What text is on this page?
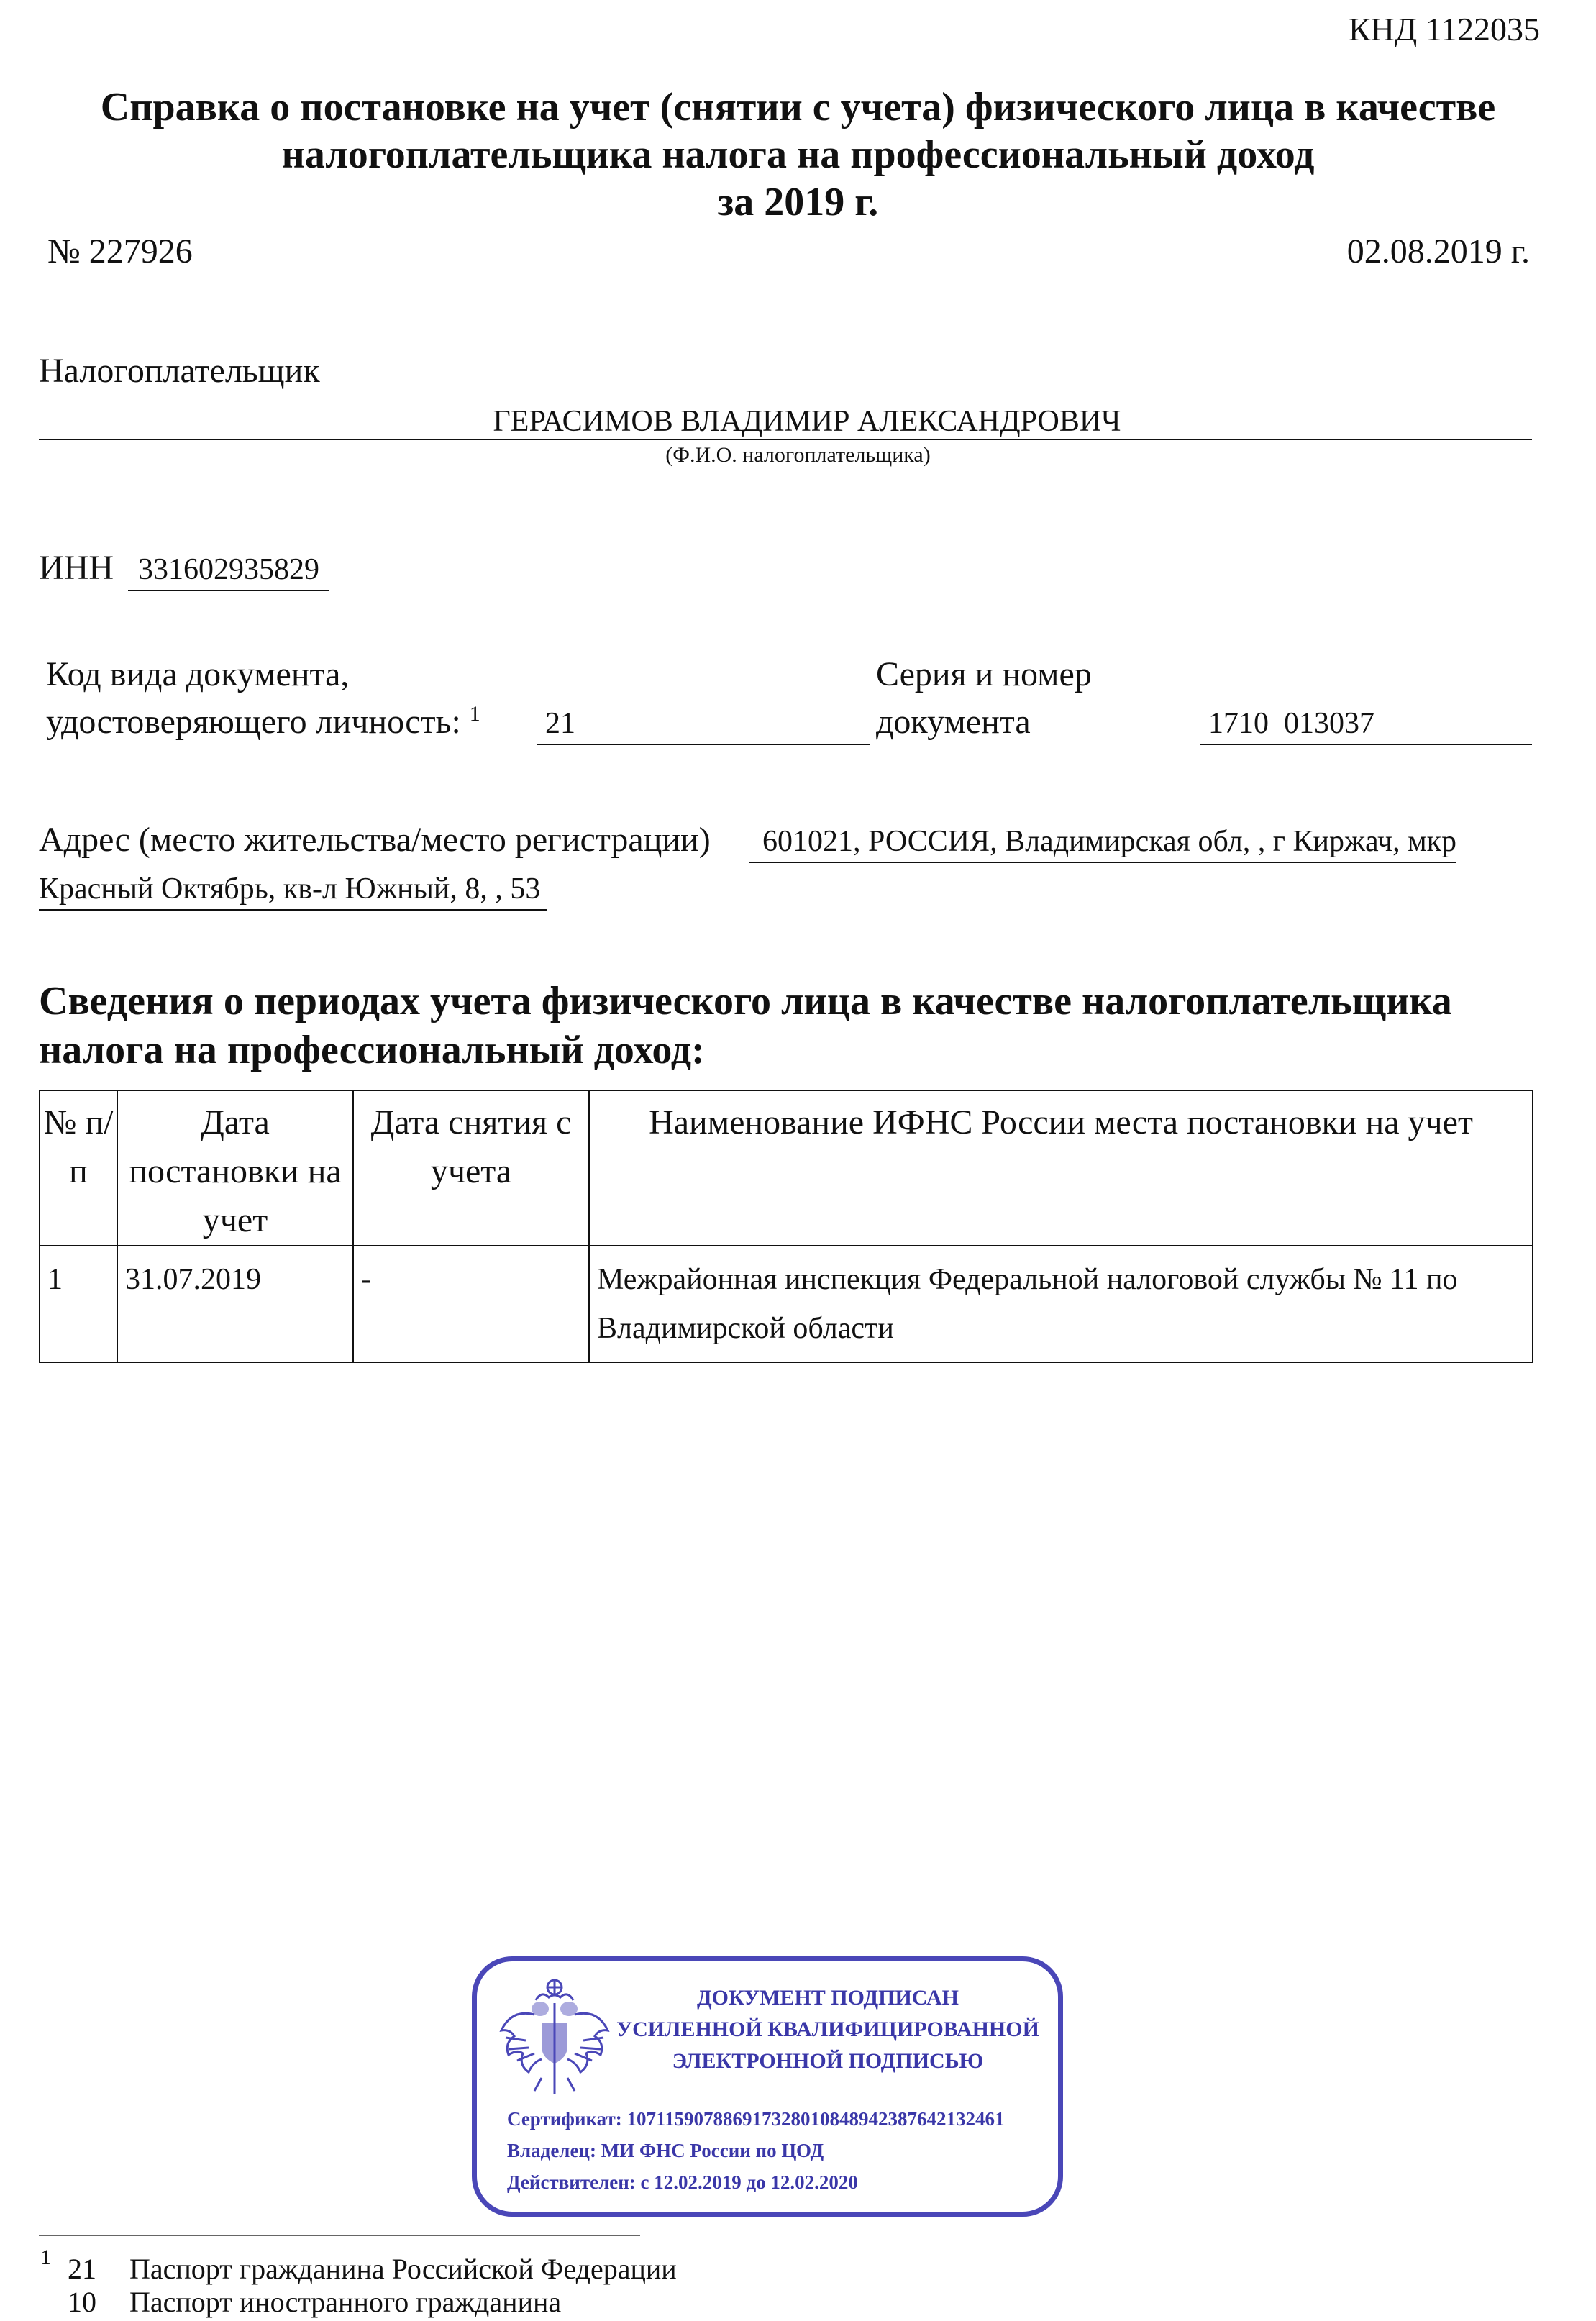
КНД 1122035
Справка о постановке на учет (снятии с учета) физического лица в качестве
налогоплательщика налога на профессиональный доход
за 2019 г.
№ 227926	02.08.2019 г.
Налогоплательщик
ГЕРАСИМОВ ВЛАДИМИР АЛЕКСАНДРОВИЧ
(Ф.И.О. налогоплательщика)
ИНН 331602935829
Код вида документа,
удостоверяющего личность: $^1$ 21
Серия и номер
документа	1710  013037
Адрес (место жительства/место регистрации)	601021, РОССИЯ, Владимирская обл, , г Киржач, мкр
Красный Октябрь, кв-л Южный, 8, , 53
Сведения о периодах учета физического лица в качестве налогоплательщика
налога на профессиональный доход:
№ п/п	Дата постановки на учет	Дата снятия с учета	Наименование ИФНС России места постановки на учет
1	31.07.2019	-	Межрайонная инспекция Федеральной налоговой службы № 11 по Владимирской области
ДОКУМЕНТ ПОДПИСАН
УСИЛЕННОЙ КВАЛИФИЦИРОВАННОЙ
ЭЛЕКТРОННОЙ ПОДПИСЬЮ
Сертификат: 107115907886917328010848942387642132461
Владелец: МИ ФНС России по ЦОД
Действителен: с 12.02.2019 до 12.02.2020
1 21 Паспорт гражданина Российской Федерации
10 Паспорт иностранного гражданина
